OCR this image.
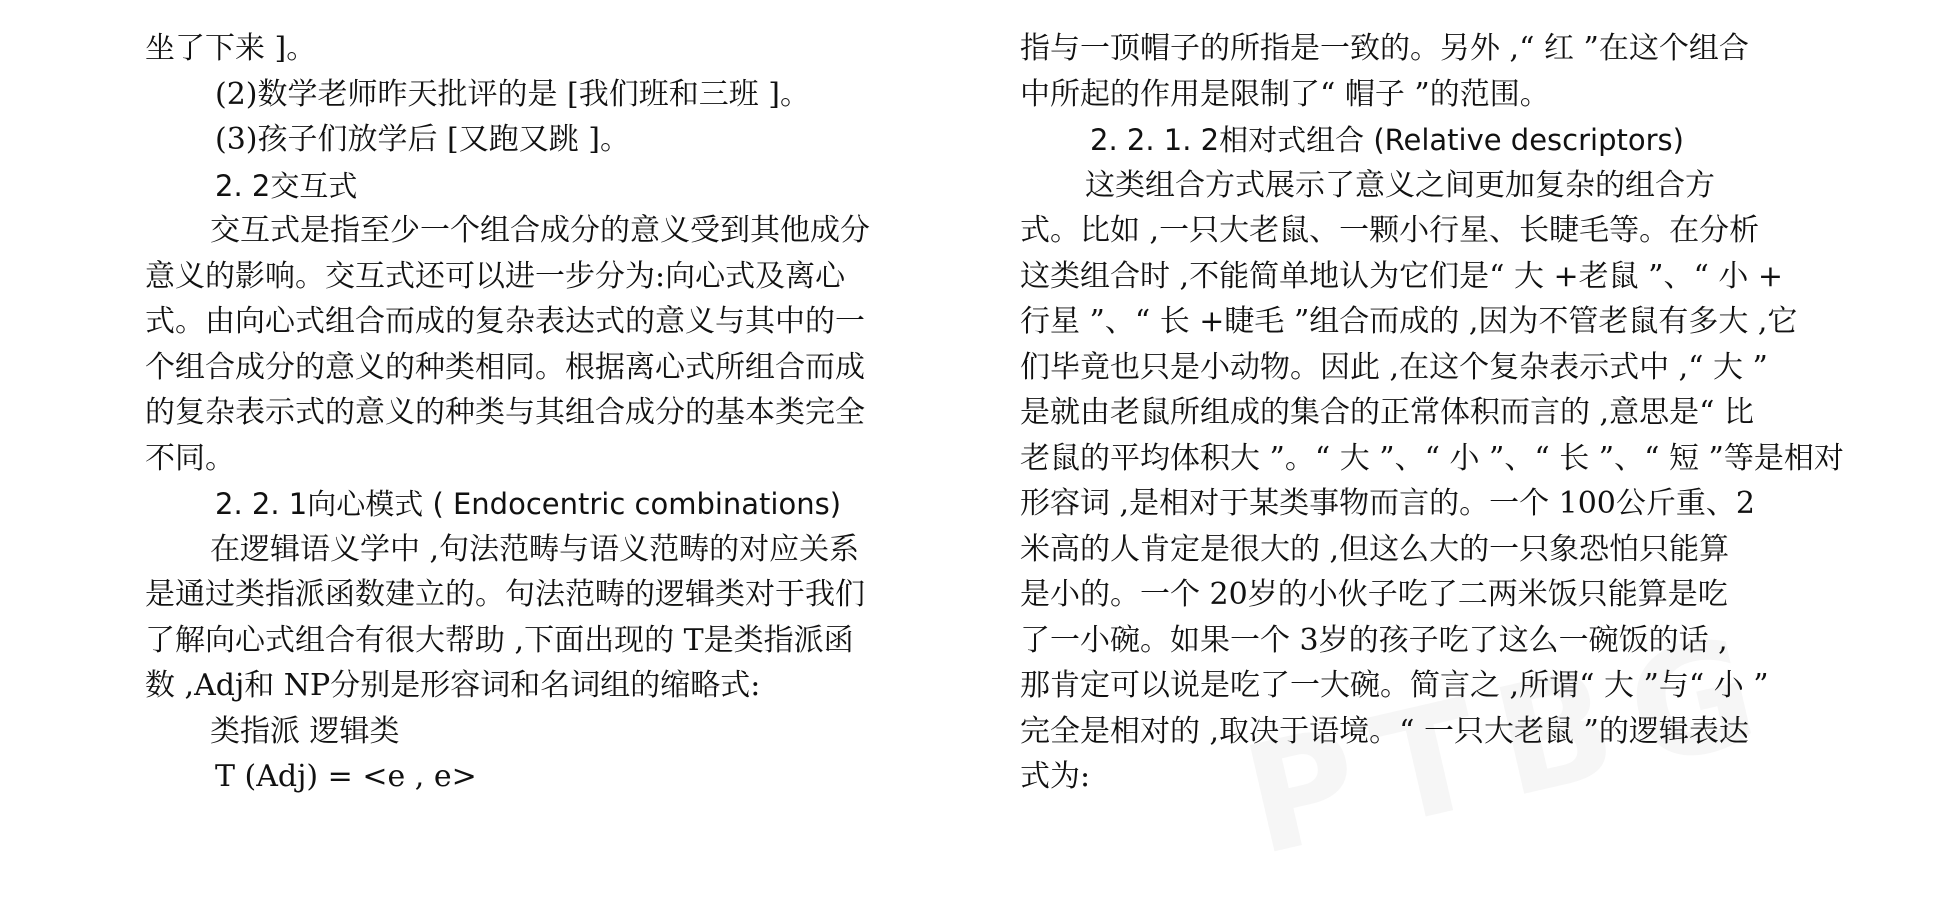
坐了下来 ]。
(2)数学老师昨天批评的是 [我们班和三班 ]。
(3)孩子们放学后 [又跑又跳 ]。
2. 2交互式
交互式是指至少一个组合成分的意义受到其他成分
意义的影响。交互式还可以进一步分为:向心式及离心
式。由向心式组合而成的复杂表达式的意义与其中的一
个组合成分的意义的种类相同。根据离心式所组合而成
的复杂表示式的意义的种类与其组合成分的基本类完全
不同。
2. 2. 1向心模式 ( Endocentric combinations)
在逻辑语义学中 ,句法范畴与语义范畴的对应关系
是通过类指派函数建立的。句法范畴的逻辑类对于我们
了解向心式组合有很大帮助 ,下面出现的 T是类指派函
数 ,Adj和 NP分别是形容词和名词组的缩略式:
类指派 逻辑类
T (Adj) = <e , e>
指与一顶帽子的所指是一致的。另外 ,“ 红 ”在这个组合
中所起的作用是限制了“ 帽子 ”的范围。
2. 2. 1. 2相对式组合 (Relative descriptors)
这类组合方式展示了意义之间更加复杂的组合方
式。比如 ,一只大老鼠、一颗小行星、长睫毛等。在分析
这类组合时 ,不能简单地认为它们是“ 大 +老鼠 ”、“ 小 +
行星 ”、“ 长 +睫毛 ”组合而成的 ,因为不管老鼠有多大 ,它
们毕竟也只是小动物。因此 ,在这个复杂表示式中 ,“ 大 ”
是就由老鼠所组成的集合的正常体积而言的 ,意思是“ 比
老鼠的平均体积大 ”。“ 大 ”、“ 小 ”、“ 长 ”、“ 短 ”等是相对
形容词 ,是相对于某类事物而言的。一个 100公斤重、2
米高的人肯定是很大的 ,但这么大的一只象恐怕只能算
是小的。一个 20岁的小伙子吃了二两米饭只能算是吃
了一小碗。如果一个 3岁的孩子吃了这么一碗饭的话 ,
那肯定可以说是吃了一大碗。简言之 ,所谓“ 大 ”与“ 小 ”
完全是相对的 ,取决于语境。“ 一只大老鼠 ”的逻辑表达
式为:
